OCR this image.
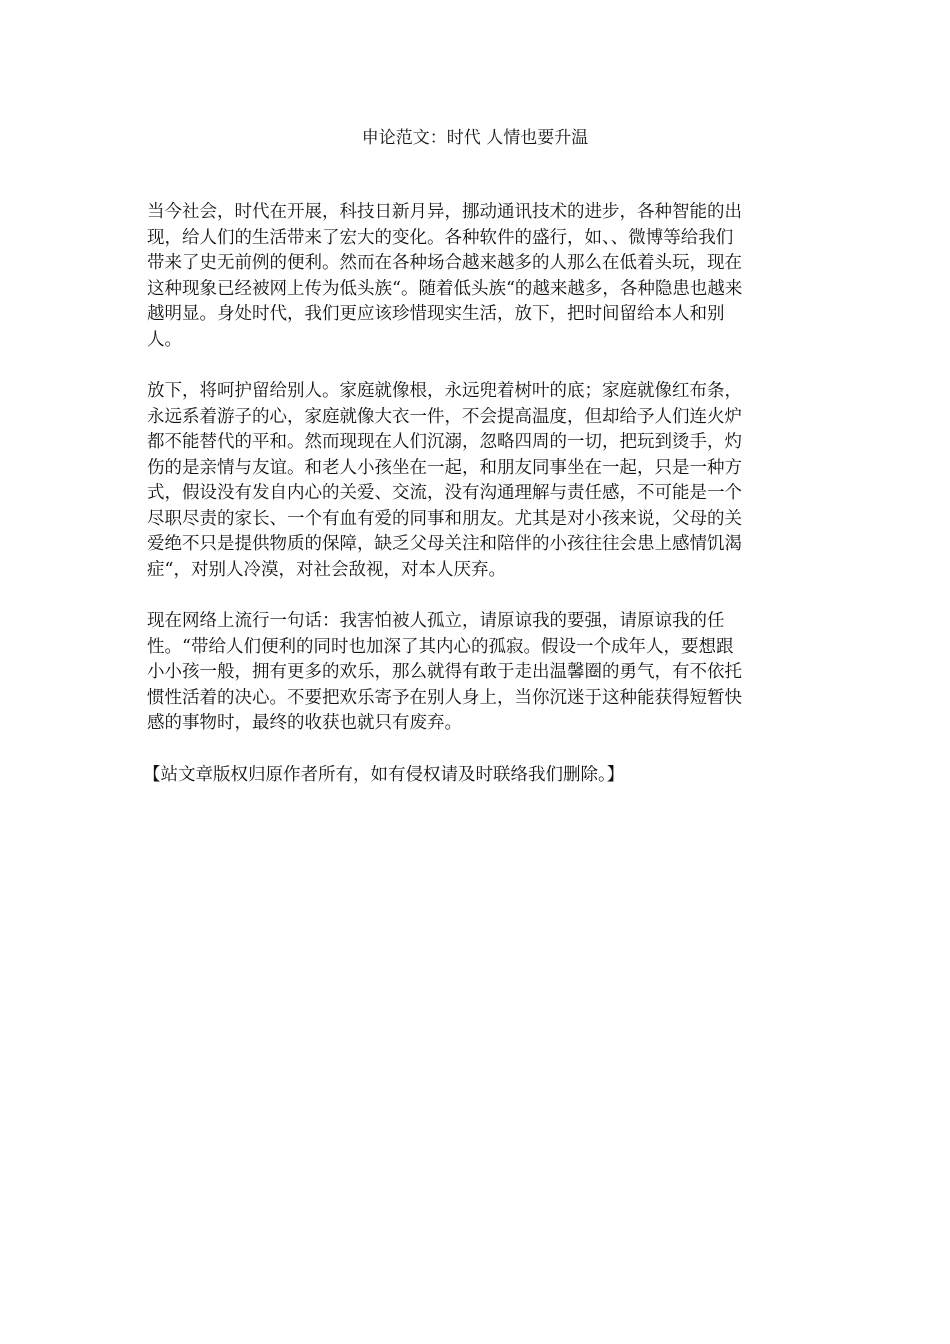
申论范文：时代 人情也要升温

当今社会，时代在开展，科技日新月异，挪动通讯技术的进步，各种智能的出
现，给人们的生活带来了宏大的变化。各种软件的盛行，如、、微博等给我们
带来了史无前例的便利。然而在各种场合越来越多的人那么在低着头玩，现在
这种现象已经被网上传为低头族“。随着低头族“的越来越多，各种隐患也越来
越明显。身处时代，我们更应该珍惜现实生活，放下，把时间留给本人和别
人。

放下，将呵护留给别人。家庭就像根，永远兜着树叶的底；家庭就像红布条，
永远系着游子的心，家庭就像大衣一件，不会提高温度，但却给予人们连火炉
都不能替代的平和。然而现现在人们沉溺，忽略四周的一切，把玩到烫手，灼
伤的是亲情与友谊。和老人小孩坐在一起，和朋友同事坐在一起，只是一种方
式，假设没有发自内心的关爱、交流，没有沟通理解与责任感，不可能是一个
尽职尽责的家长、一个有血有爱的同事和朋友。尤其是对小孩来说，父母的关
爱绝不只是提供物质的保障，缺乏父母关注和陪伴的小孩往往会患上感情饥渴
症“，对别人冷漠，对社会敌视，对本人厌弃。

现在网络上流行一句话：我害怕被人孤立，请原谅我的要强，请原谅我的任
性。“带给人们便利的同时也加深了其内心的孤寂。假设一个成年人，要想跟
小小孩一般，拥有更多的欢乐，那么就得有敢于走出温馨圈的勇气，有不依托
惯性活着的决心。不要把欢乐寄予在别人身上，当你沉迷于这种能获得短暂快
感的事物时，最终的收获也就只有废弃。

【站文章版权归原作者所有，如有侵权请及时联络我们删除。】
